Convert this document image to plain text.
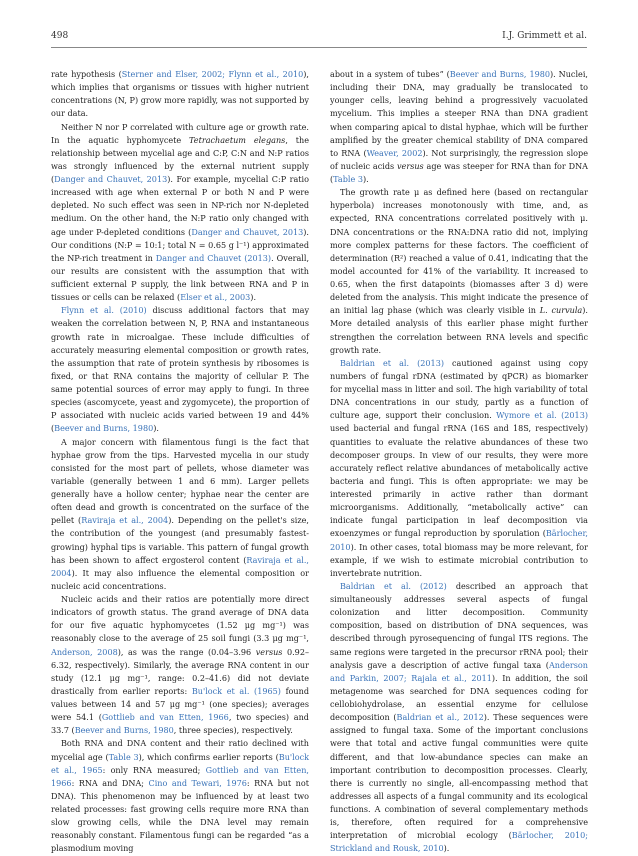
498	I.J. Grimmett et al.

rate hypothesis (Sterner and Elser, 2002; Flynn et al., 2010), which implies that organisms or tissues with higher nutrient concentrations (N, P) grow more rapidly, was not supported by our data.

Neither N nor P correlated with culture age or growth rate. In the aquatic hyphomycete Tetrachaetum elegans, the relationship between mycelial age and C:P, C:N and N:P ratios was strongly influenced by the external nutrient supply (Danger and Chauvet, 2013). For example, mycelial C:P ratio increased with age when external P or both N and P were depleted. No such effect was seen in NP-rich nor N-depleted medium. On the other hand, the N:P ratio only changed with age under P-depleted conditions (Danger and Chauvet, 2013). Our conditions (N:P = 10:1; total N = 0.65 g l⁻¹) approximated the NP-rich treatment in Danger and Chauvet (2013). Overall, our results are consistent with the assumption that with sufficient external P supply, the link between RNA and P in tissues or cells can be relaxed (Elser et al., 2003).

Flynn et al. (2010) discuss additional factors that may weaken the correlation between N, P, RNA and instantaneous growth rate in microalgae. These include difficulties of accurately measuring elemental composition or growth rates, the assumption that rate of protein synthesis by ribosomes is fixed, or that RNA contains the majority of cellular P. The same potential sources of error may apply to fungi. In three species (ascomycete, yeast and zygomycete), the proportion of P associated with nucleic acids varied between 19 and 44% (Beever and Burns, 1980).

A major concern with filamentous fungi is the fact that hyphae grow from the tips. Harvested mycelia in our study consisted for the most part of pellets, whose diameter was variable (generally between 1 and 6 mm). Larger pellets generally have a hollow center; hyphae near the center are often dead and growth is concentrated on the surface of the pellet (Raviraja et al., 2004). Depending on the pellet's size, the contribution of the youngest (and presumably fastest-growing) hyphal tips is variable. This pattern of fungal growth has been shown to affect ergosterol content (Raviraja et al., 2004). It may also influence the elemental composition or nucleic acid concentrations.

Nucleic acids and their ratios are potentially more direct indicators of growth status. The grand average of DNA data for our five aquatic hyphomycetes (1.52 μg mg⁻¹) was reasonably close to the average of 25 soil fungi (3.3 μg mg⁻¹, Anderson, 2008), as was the range (0.04–3.96 versus 0.92–6.32, respectively). Similarly, the average RNA content in our study (12.1 μg mg⁻¹, range: 0.2–41.6) did not deviate drastically from earlier reports: Bu'lock et al. (1965) found values between 14 and 57 μg mg⁻¹ (one species); averages were 54.1 (Gottlieb and van Etten, 1966, two species) and 33.7 (Beever and Burns, 1980, three species), respectively.

Both RNA and DNA content and their ratio declined with mycelial age (Table 3), which confirms earlier reports (Bu'lock et al., 1965: only RNA measured; Gottlieb and van Etten, 1966: RNA and DNA; Cino and Tewari, 1976: RNA but not DNA). This phenomenon may be influenced by at least two related processes: fast growing cells require more RNA than slow growing cells, while the DNA level may remain reasonably constant. Filamentous fungi can be regarded “as a plasmodium moving

about in a system of tubes” (Beever and Burns, 1980). Nuclei, including their DNA, may gradually be translocated to younger cells, leaving behind a progressively vacuolated mycelium. This implies a steeper RNA than DNA gradient when comparing apical to distal hyphae, which will be further amplified by the greater chemical stability of DNA compared to RNA (Weaver, 2002). Not surprisingly, the regression slope of nucleic acids versus age was steeper for RNA than for DNA (Table 3).

The growth rate μ as defined here (based on rectangular hyperbola) increases monotonously with time, and, as expected, RNA concentrations correlated positively with μ. DNA concentrations or the RNA:DNA ratio did not, implying more complex patterns for these factors. The coefficient of determination (R²) reached a value of 0.41, indicating that the model accounted for 41% of the variability. It increased to 0.65, when the first datapoints (biomasses after 3 d) were deleted from the analysis. This might indicate the presence of an initial lag phase (which was clearly visible in L. curvula). More detailed analysis of this earlier phase might further strengthen the correlation between RNA levels and specific growth rate.

Baldrian et al. (2013) cautioned against using copy numbers of fungal rDNA (estimated by qPCR) as biomarker for mycelial mass in litter and soil. The high variability of total DNA concentrations in our study, partly as a function of culture age, support their conclusion. Wymore et al. (2013) used bacterial and fungal rRNA (16S and 18S, respectively) quantities to evaluate the relative abundances of these two decomposer groups. In view of our results, they were more accurately reflect relative abundances of metabolically active bacteria and fungi. This is often appropriate: we may be interested primarily in active rather than dormant microorganisms. Additionally, “metabolically active” can indicate fungal participation in leaf decomposition via exoenzymes or fungal reproduction by sporulation (Bärlocher, 2010). In other cases, total biomass may be more relevant, for example, if we wish to estimate microbial contribution to invertebrate nutrition.

Baldrian et al. (2012) described an approach that simultaneously addresses several aspects of fungal colonization and litter decomposition. Community composition, based on distribution of DNA sequences, was described through pyrosequencing of fungal ITS regions. The same regions were targeted in the precursor rRNA pool; their analysis gave a description of active fungal taxa (Anderson and Parkin, 2007; Rajala et al., 2011). In addition, the soil metagenome was searched for DNA sequences coding for cellobiohydrolase, an essential enzyme for cellulose decomposition (Baldrian et al., 2012). These sequences were assigned to fungal taxa. Some of the important conclusions were that total and active fungal communities were quite different, and that low-abundance species can make an important contribution to decomposition processes. Clearly, there is currently no single, all-encompassing method that addresses all aspects of a fungal community and its ecological functions. A combination of several complementary methods is, therefore, often required for a comprehensive interpretation of microbial ecology (Bärlocher, 2010; Strickland and Rousk, 2010).
